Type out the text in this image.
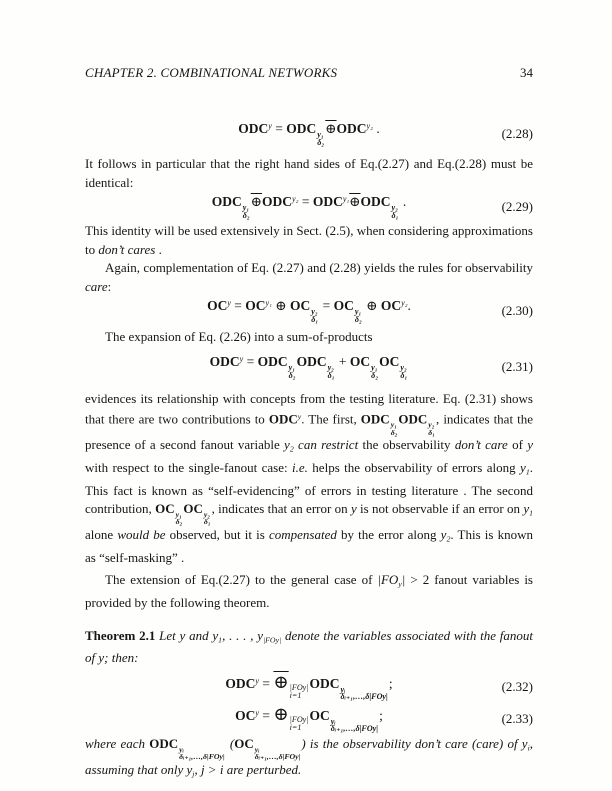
CHAPTER 2. COMBINATIONAL NETWORKS	34
$ODC^y$ = ODC y₁
δ₂
$\oplus ODC^{y_2}$ .	(2.28)

It follows in particular that the right hand sides of Eq.(2.27) and Eq.(2.28) must be identical:

ODC y₁
δ₂
$\oplus ODC^{y_2}$ = $ODC^{y_1}\oplus ODC$ y₂
δ₁
.	(2.29)

This identity will be used extensively in Sect. (2.5), when considering approximations to don’t cares .

Again, complementation of Eq. (2.27) and (2.28) yields the rules for observability care:

$OC^y = OC^{y_1}$ ⊕ OC y₂
δ₁
= OC y₁
δ₂
⊕ $OC^{y_2}$.	(2.30)

The expansion of Eq. (2.26) into a sum-of-products

$ODC^y$ = ODC y₁
δ₂
ODC y₂
δ₁
+ OC y₁
δ₂
OC y₂
δ₁
(2.31)

evidences its relationship with concepts from the testing literature. Eq. (2.31) shows that there are two contributions to ODC$^y$. The first, ODC y₁
δ₂
ODC y₂
δ₁
, indicates that the presence of a second fanout variable $y_2$ can restrict the observability don’t care of y with respect to the single-fanout case: i.e. helps the observability of errors along $y_1$. This fact is known as “self-evidencing” of errors in testing literature . The second contribution, OC y₁
δ₂
OC y₂
δ₁
, indicates that an error on y is not observable if an error on $y_1$ alone would be observed, but it is compensated by the error along $y_2$. This is known as “self-masking” .

The extension of Eq.(2.27) to the general case of $|FO_y| > 2$ fanout variables is provided by the following theorem.

Theorem 2.1 Let y and $y_1$, . . . , $y_{|FOy|}$ denote the variables associated with the fanout of y; then:

$ODC^y$ = ⊕ |FOy|
i=1
ODC yᵢ
δᵢ₊₁,…,δ|FOy|
;	(2.32)
$OC^y$ = ⊕ |FOy|
i=1
OC yᵢ
δᵢ₊₁,…,δ|FOy|
;	(2.33)

where each ODC yᵢ
δᵢ₊₁,…,δ|FOy|
(OC yᵢ
δᵢ₊₁,…,δ|FOy|
) is the observability don’t care (care) of $y_i$, assuming that only $y_j$, j > i are perturbed.
